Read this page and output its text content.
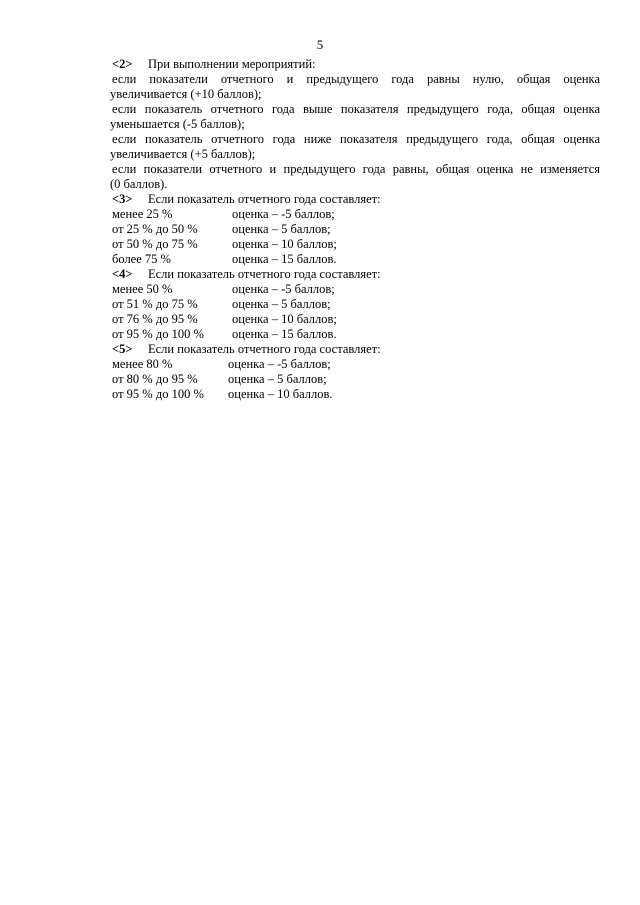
5
<2> При выполнении мероприятий:
если показатели отчетного и предыдущего года равны нулю, общая оценка
увеличивается (+10 баллов);
если показатель отчетного года выше показателя предыдущего года, общая оценка
уменьшается (-5 баллов);
если показатель отчетного года ниже показателя предыдущего года, общая оценка
увеличивается (+5 баллов);
если показатели отчетного и предыдущего года равны, общая оценка не изменяется
(0 баллов).
<3> Если показатель отчетного года составляет:
менее 25 %	оценка – -5 баллов;
от 25 % до 50 %	оценка – 5 баллов;
от 50 % до 75 %	оценка – 10 баллов;
более 75 %	оценка – 15 баллов.
<4> Если показатель отчетного года составляет:
менее 50 %	оценка – -5 баллов;
от 51 % до 75 %	оценка – 5 баллов;
от 76 % до 95 %	оценка – 10 баллов;
от 95 % до 100 % оценка – 15 баллов.
<5> Если показатель отчетного года составляет:
менее 80 %	оценка – -5 баллов;
от 80 % до 95 % оценка – 5 баллов;
от 95 % до 100 % оценка – 10 баллов.
